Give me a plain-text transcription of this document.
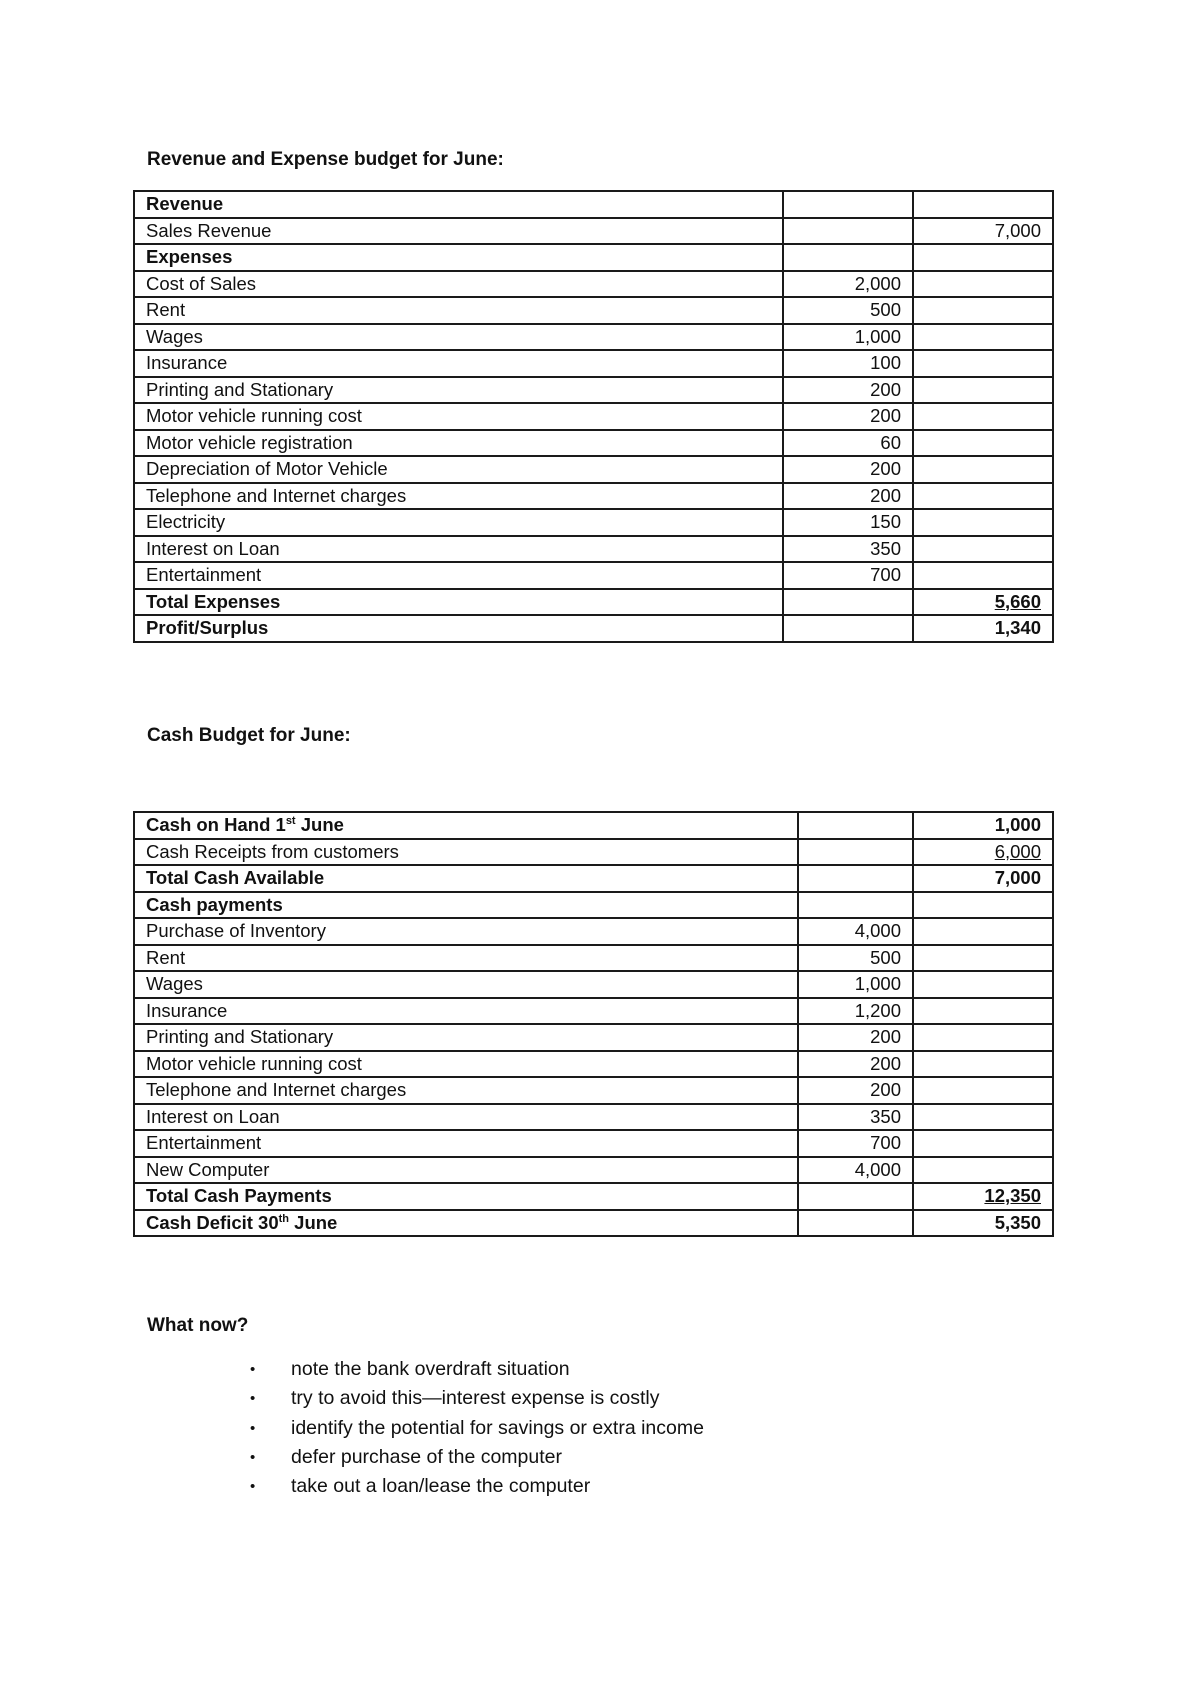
Revenue and Expense budget for June:
Revenue		
Sales Revenue		7,000
Expenses		
Cost of Sales	2,000	
Rent	500	
Wages	1,000	
Insurance	100	
Printing and Stationary	200	
Motor vehicle running cost	200	
Motor vehicle registration	60	
Depreciation of Motor Vehicle	200	
Telephone and Internet charges	200	
Electricity	150	
Interest on Loan	350	
Entertainment	700	
Total Expenses		5,660
Profit/Surplus		1,340
Cash Budget for June:
Cash on Hand 1st June		1,000
Cash Receipts from customers		6,000
Total Cash Available		7,000
Cash payments		
Purchase of Inventory	4,000	
Rent	500	
Wages	1,000	
Insurance	1,200	
Printing and Stationary	200	
Motor vehicle running cost	200	
Telephone and Internet charges	200	
Interest on Loan	350	
Entertainment	700	
New Computer	4,000	
Total Cash Payments		12,350
Cash Deficit 30th June		5,350
What now?
• note the bank overdraft situation
• try to avoid this—interest expense is costly
• identify the potential for savings or extra income
• defer purchase of the computer
• take out a loan/lease the computer
